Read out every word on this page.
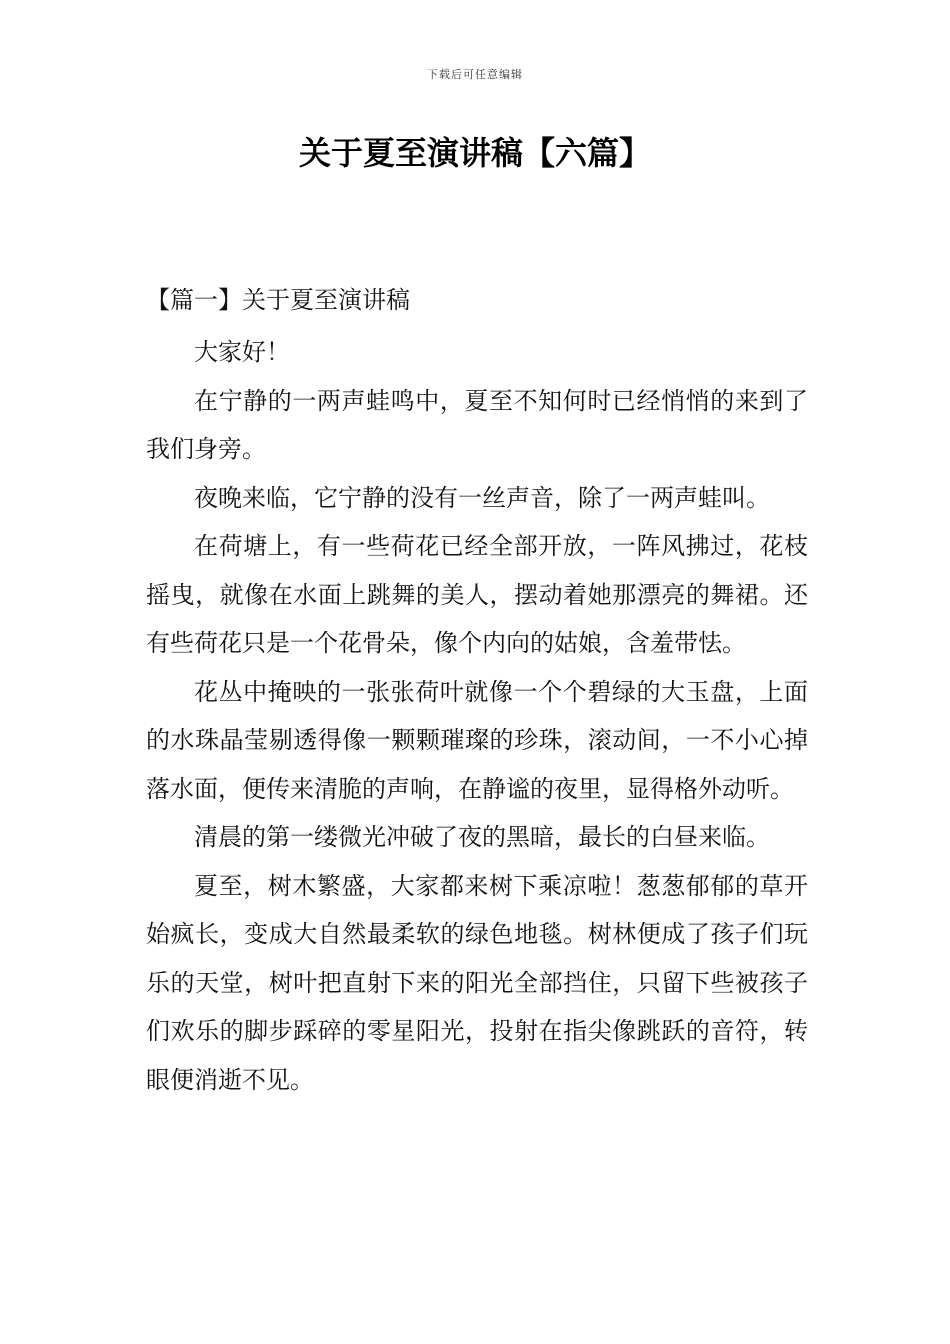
下载后可任意编辑
关于夏至演讲稿【六篇】
【篇一】关于夏至演讲稿

大家好！

在宁静的一两声蛙鸣中，夏至不知何时已经悄悄的来到了我们身旁。

夜晚来临，它宁静的没有一丝声音，除了一两声蛙叫。

在荷塘上，有一些荷花已经全部开放，一阵风拂过，花枝摇曳，就像在水面上跳舞的美人，摆动着她那漂亮的舞裙。还有些荷花只是一个花骨朵，像个内向的姑娘，含羞带怯。

花丛中掩映的一张张荷叶就像一个个碧绿的大玉盘，上面的水珠晶莹剔透得像一颗颗璀璨的珍珠，滚动间，一不小心掉落水面，便传来清脆的声响，在静谧的夜里，显得格外动听。

清晨的第一缕微光冲破了夜的黑暗，最长的白昼来临。

夏至，树木繁盛，大家都来树下乘凉啦！葱葱郁郁的草开始疯长，变成大自然最柔软的绿色地毯。树林便成了孩子们玩乐的天堂，树叶把直射下来的阳光全部挡住，只留下些被孩子们欢乐的脚步踩碎的零星阳光，投射在指尖像跳跃的音符，转眼便消逝不见。
